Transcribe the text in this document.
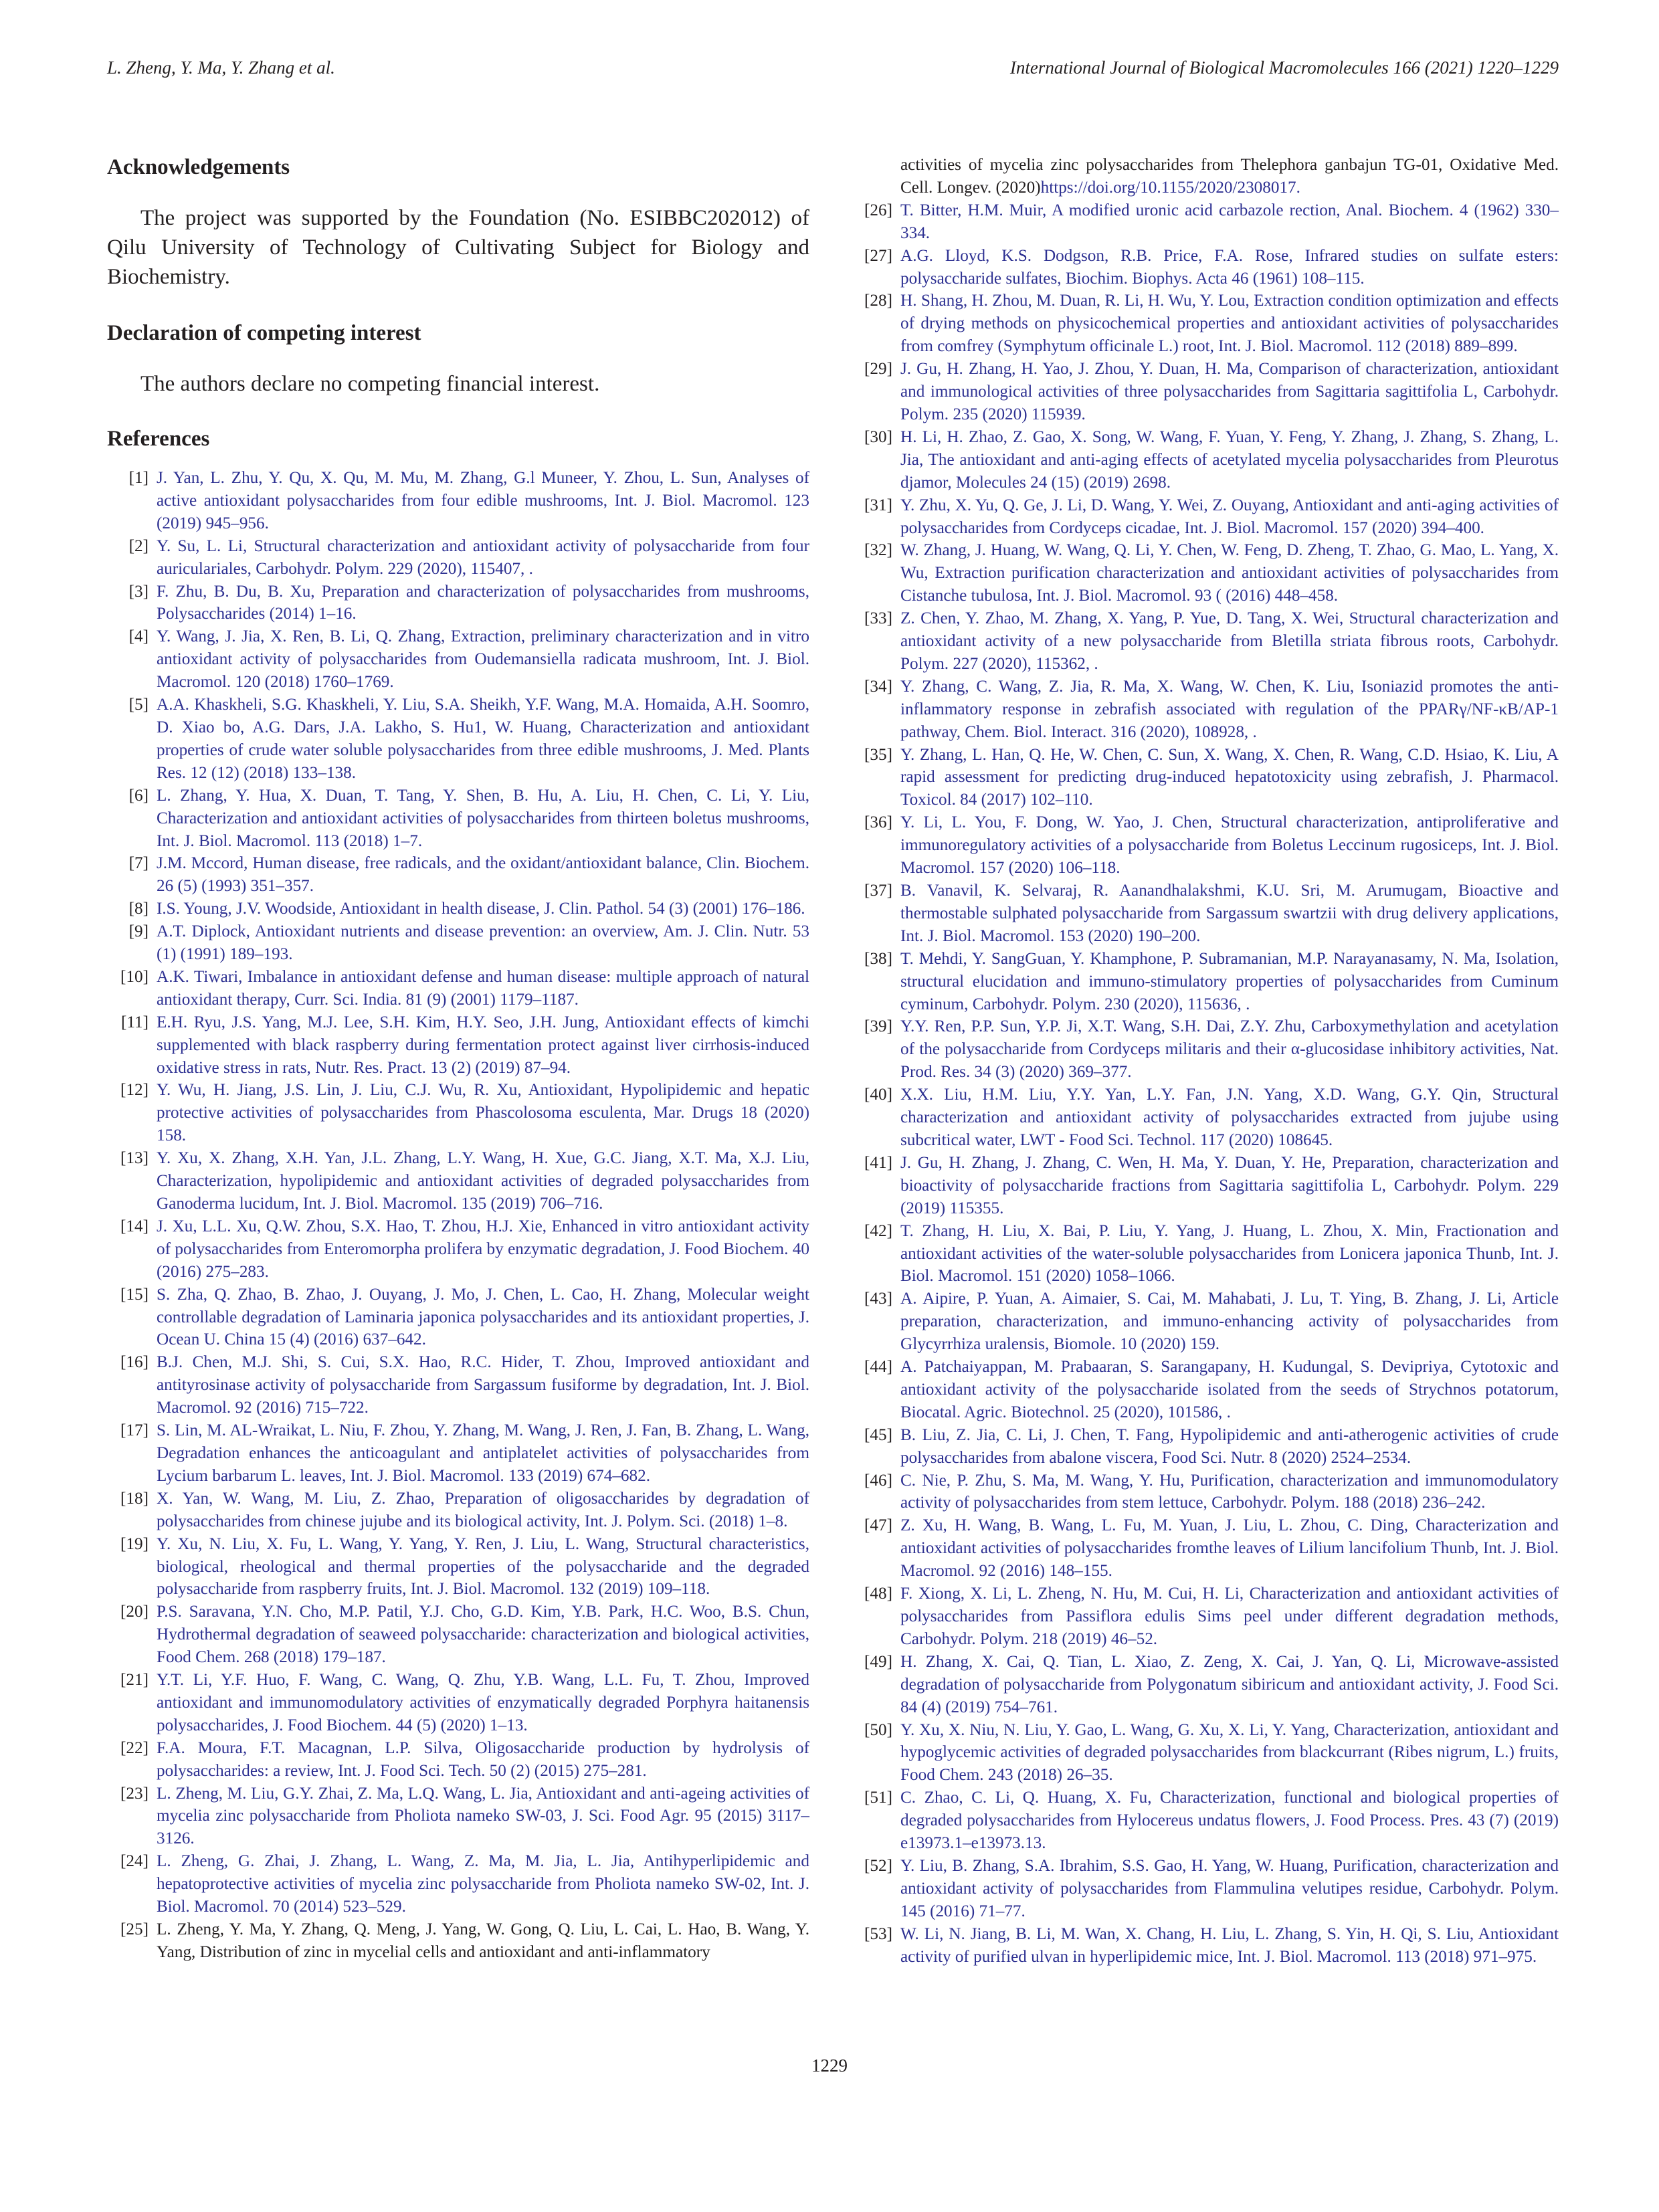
L. Zheng, Y. Ma, Y. Zhang et al.	International Journal of Biological Macromolecules 166 (2021) 1220–1229
Acknowledgements

The project was supported by the Foundation (No. ESIBBC202012) of Qilu University of Technology of Cultivating Subject for Biology and Biochemistry.

Declaration of competing interest

The authors declare no competing financial interest.

References
[1] J. Yan, L. Zhu, Y. Qu, X. Qu, M. Mu, M. Zhang, G.l Muneer, Y. Zhou, L. Sun, Analyses of active antioxidant polysaccharides from four edible mushrooms, Int. J. Biol. Macromol. 123 (2019) 945–956.
[2] Y. Su, L. Li, Structural characterization and antioxidant activity of polysaccharide from four auriculariales, Carbohydr. Polym. 229 (2020), 115407, .
[3] F. Zhu, B. Du, B. Xu, Preparation and characterization of polysaccharides from mushrooms, Polysaccharides (2014) 1–16.
[4] Y. Wang, J. Jia, X. Ren, B. Li, Q. Zhang, Extraction, preliminary characterization and in vitro antioxidant activity of polysaccharides from Oudemansiella radicata mushroom, Int. J. Biol. Macromol. 120 (2018) 1760–1769.
[5] A.A. Khaskheli, S.G. Khaskheli, Y. Liu, S.A. Sheikh, Y.F. Wang, M.A. Homaida, A.H. Soomro, D. Xiao bo, A.G. Dars, J.A. Lakho, S. Hu1, W. Huang, Characterization and antioxidant properties of crude water soluble polysaccharides from three edible mushrooms, J. Med. Plants Res. 12 (12) (2018) 133–138.
[6] L. Zhang, Y. Hua, X. Duan, T. Tang, Y. Shen, B. Hu, A. Liu, H. Chen, C. Li, Y. Liu, Characterization and antioxidant activities of polysaccharides from thirteen boletus mushrooms, Int. J. Biol. Macromol. 113 (2018) 1–7.
[7] J.M. Mccord, Human disease, free radicals, and the oxidant/antioxidant balance, Clin. Biochem. 26 (5) (1993) 351–357.
[8] I.S. Young, J.V. Woodside, Antioxidant in health disease, J. Clin. Pathol. 54 (3) (2001) 176–186.
[9] A.T. Diplock, Antioxidant nutrients and disease prevention: an overview, Am. J. Clin. Nutr. 53 (1) (1991) 189–193.
[10] A.K. Tiwari, Imbalance in antioxidant defense and human disease: multiple approach of natural antioxidant therapy, Curr. Sci. India. 81 (9) (2001) 1179–1187.
[11] E.H. Ryu, J.S. Yang, M.J. Lee, S.H. Kim, H.Y. Seo, J.H. Jung, Antioxidant effects of kimchi supplemented with black raspberry during fermentation protect against liver cirrhosis-induced oxidative stress in rats, Nutr. Res. Pract. 13 (2) (2019) 87–94.
[12] Y. Wu, H. Jiang, J.S. Lin, J. Liu, C.J. Wu, R. Xu, Antioxidant, Hypolipidemic and hepatic protective activities of polysaccharides from Phascolosoma esculenta, Mar. Drugs 18 (2020) 158.
[13] Y. Xu, X. Zhang, X.H. Yan, J.L. Zhang, L.Y. Wang, H. Xue, G.C. Jiang, X.T. Ma, X.J. Liu, Characterization, hypolipidemic and antioxidant activities of degraded polysaccharides from Ganoderma lucidum, Int. J. Biol. Macromol. 135 (2019) 706–716.
[14] J. Xu, L.L. Xu, Q.W. Zhou, S.X. Hao, T. Zhou, H.J. Xie, Enhanced in vitro antioxidant activity of polysaccharides from Enteromorpha prolifera by enzymatic degradation, J. Food Biochem. 40 (2016) 275–283.
[15] S. Zha, Q. Zhao, B. Zhao, J. Ouyang, J. Mo, J. Chen, L. Cao, H. Zhang, Molecular weight controllable degradation of Laminaria japonica polysaccharides and its antioxidant properties, J. Ocean U. China 15 (4) (2016) 637–642.
[16] B.J. Chen, M.J. Shi, S. Cui, S.X. Hao, R.C. Hider, T. Zhou, Improved antioxidant and antityrosinase activity of polysaccharide from Sargassum fusiforme by degradation, Int. J. Biol. Macromol. 92 (2016) 715–722.
[17] S. Lin, M. AL-Wraikat, L. Niu, F. Zhou, Y. Zhang, M. Wang, J. Ren, J. Fan, B. Zhang, L. Wang, Degradation enhances the anticoagulant and antiplatelet activities of polysaccharides from Lycium barbarum L. leaves, Int. J. Biol. Macromol. 133 (2019) 674–682.
[18] X. Yan, W. Wang, M. Liu, Z. Zhao, Preparation of oligosaccharides by degradation of polysaccharides from chinese jujube and its biological activity, Int. J. Polym. Sci. (2018) 1–8.
[19] Y. Xu, N. Liu, X. Fu, L. Wang, Y. Yang, Y. Ren, J. Liu, L. Wang, Structural characteristics, biological, rheological and thermal properties of the polysaccharide and the degraded polysaccharide from raspberry fruits, Int. J. Biol. Macromol. 132 (2019) 109–118.
[20] P.S. Saravana, Y.N. Cho, M.P. Patil, Y.J. Cho, G.D. Kim, Y.B. Park, H.C. Woo, B.S. Chun, Hydrothermal degradation of seaweed polysaccharide: characterization and biological activities, Food Chem. 268 (2018) 179–187.
[21] Y.T. Li, Y.F. Huo, F. Wang, C. Wang, Q. Zhu, Y.B. Wang, L.L. Fu, T. Zhou, Improved antioxidant and immunomodulatory activities of enzymatically degraded Porphyra haitanensis polysaccharides, J. Food Biochem. 44 (5) (2020) 1–13.
[22] F.A. Moura, F.T. Macagnan, L.P. Silva, Oligosaccharide production by hydrolysis of polysaccharides: a review, Int. J. Food Sci. Tech. 50 (2) (2015) 275–281.
[23] L. Zheng, M. Liu, G.Y. Zhai, Z. Ma, L.Q. Wang, L. Jia, Antioxidant and anti-ageing activities of mycelia zinc polysaccharide from Pholiota nameko SW-03, J. Sci. Food Agr. 95 (2015) 3117–3126.
[24] L. Zheng, G. Zhai, J. Zhang, L. Wang, Z. Ma, M. Jia, L. Jia, Antihyperlipidemic and hepatoprotective activities of mycelia zinc polysaccharide from Pholiota nameko SW-02, Int. J. Biol. Macromol. 70 (2014) 523–529.
[25] L. Zheng, Y. Ma, Y. Zhang, Q. Meng, J. Yang, W. Gong, Q. Liu, L. Cai, L. Hao, B. Wang, Y. Yang, Distribution of zinc in mycelial cells and antioxidant and anti-inflammatory
activities of mycelia zinc polysaccharides from Thelephora ganbajun TG-01, Oxidative Med. Cell. Longev. (2020)https://doi.org/10.1155/2020/2308017.
[26] T. Bitter, H.M. Muir, A modified uronic acid carbazole rection, Anal. Biochem. 4 (1962) 330–334.
[27] A.G. Lloyd, K.S. Dodgson, R.B. Price, F.A. Rose, Infrared studies on sulfate esters: polysaccharide sulfates, Biochim. Biophys. Acta 46 (1961) 108–115.
[28] H. Shang, H. Zhou, M. Duan, R. Li, H. Wu, Y. Lou, Extraction condition optimization and effects of drying methods on physicochemical properties and antioxidant activities of polysaccharides from comfrey (Symphytum officinale L.) root, Int. J. Biol. Macromol. 112 (2018) 889–899.
[29] J. Gu, H. Zhang, H. Yao, J. Zhou, Y. Duan, H. Ma, Comparison of characterization, antioxidant and immunological activities of three polysaccharides from Sagittaria sagittifolia L, Carbohydr. Polym. 235 (2020) 115939.
[30] H. Li, H. Zhao, Z. Gao, X. Song, W. Wang, F. Yuan, Y. Feng, Y. Zhang, J. Zhang, S. Zhang, L. Jia, The antioxidant and anti-aging effects of acetylated mycelia polysaccharides from Pleurotus djamor, Molecules 24 (15) (2019) 2698.
[31] Y. Zhu, X. Yu, Q. Ge, J. Li, D. Wang, Y. Wei, Z. Ouyang, Antioxidant and anti-aging activities of polysaccharides from Cordyceps cicadae, Int. J. Biol. Macromol. 157 (2020) 394–400.
[32] W. Zhang, J. Huang, W. Wang, Q. Li, Y. Chen, W. Feng, D. Zheng, T. Zhao, G. Mao, L. Yang, X. Wu, Extraction purification characterization and antioxidant activities of polysaccharides from Cistanche tubulosa, Int. J. Biol. Macromol. 93 ( (2016) 448–458.
[33] Z. Chen, Y. Zhao, M. Zhang, X. Yang, P. Yue, D. Tang, X. Wei, Structural characterization and antioxidant activity of a new polysaccharide from Bletilla striata fibrous roots, Carbohydr. Polym. 227 (2020), 115362, .
[34] Y. Zhang, C. Wang, Z. Jia, R. Ma, X. Wang, W. Chen, K. Liu, Isoniazid promotes the anti-inflammatory response in zebrafish associated with regulation of the PPARγ/NF-κB/AP-1 pathway, Chem. Biol. Interact. 316 (2020), 108928, .
[35] Y. Zhang, L. Han, Q. He, W. Chen, C. Sun, X. Wang, X. Chen, R. Wang, C.D. Hsiao, K. Liu, A rapid assessment for predicting drug-induced hepatotoxicity using zebrafish, J. Pharmacol. Toxicol. 84 (2017) 102–110.
[36] Y. Li, L. You, F. Dong, W. Yao, J. Chen, Structural characterization, antiproliferative and immunoregulatory activities of a polysaccharide from Boletus Leccinum rugosiceps, Int. J. Biol. Macromol. 157 (2020) 106–118.
[37] B. Vanavil, K. Selvaraj, R. Aanandhalakshmi, K.U. Sri, M. Arumugam, Bioactive and thermostable sulphated polysaccharide from Sargassum swartzii with drug delivery applications, Int. J. Biol. Macromol. 153 (2020) 190–200.
[38] T. Mehdi, Y. SangGuan, Y. Khamphone, P. Subramanian, M.P. Narayanasamy, N. Ma, Isolation, structural elucidation and immuno-stimulatory properties of polysaccharides from Cuminum cyminum, Carbohydr. Polym. 230 (2020), 115636, .
[39] Y.Y. Ren, P.P. Sun, Y.P. Ji, X.T. Wang, S.H. Dai, Z.Y. Zhu, Carboxymethylation and acetylation of the polysaccharide from Cordyceps militaris and their α-glucosidase inhibitory activities, Nat. Prod. Res. 34 (3) (2020) 369–377.
[40] X.X. Liu, H.M. Liu, Y.Y. Yan, L.Y. Fan, J.N. Yang, X.D. Wang, G.Y. Qin, Structural characterization and antioxidant activity of polysaccharides extracted from jujube using subcritical water, LWT - Food Sci. Technol. 117 (2020) 108645.
[41] J. Gu, H. Zhang, J. Zhang, C. Wen, H. Ma, Y. Duan, Y. He, Preparation, characterization and bioactivity of polysaccharide fractions from Sagittaria sagittifolia L, Carbohydr. Polym. 229 (2019) 115355.
[42] T. Zhang, H. Liu, X. Bai, P. Liu, Y. Yang, J. Huang, L. Zhou, X. Min, Fractionation and antioxidant activities of the water-soluble polysaccharides from Lonicera japonica Thunb, Int. J. Biol. Macromol. 151 (2020) 1058–1066.
[43] A. Aipire, P. Yuan, A. Aimaier, S. Cai, M. Mahabati, J. Lu, T. Ying, B. Zhang, J. Li, Article preparation, characterization, and immuno-enhancing activity of polysaccharides from Glycyrrhiza uralensis, Biomole. 10 (2020) 159.
[44] A. Patchaiyappan, M. Prabaaran, S. Sarangapany, H. Kudungal, S. Devipriya, Cytotoxic and antioxidant activity of the polysaccharide isolated from the seeds of Strychnos potatorum, Biocatal. Agric. Biotechnol. 25 (2020), 101586, .
[45] B. Liu, Z. Jia, C. Li, J. Chen, T. Fang, Hypolipidemic and anti-atherogenic activities of crude polysaccharides from abalone viscera, Food Sci. Nutr. 8 (2020) 2524–2534.
[46] C. Nie, P. Zhu, S. Ma, M. Wang, Y. Hu, Purification, characterization and immunomodulatory activity of polysaccharides from stem lettuce, Carbohydr. Polym. 188 (2018) 236–242.
[47] Z. Xu, H. Wang, B. Wang, L. Fu, M. Yuan, J. Liu, L. Zhou, C. Ding, Characterization and antioxidant activities of polysaccharides fromthe leaves of Lilium lancifolium Thunb, Int. J. Biol. Macromol. 92 (2016) 148–155.
[48] F. Xiong, X. Li, L. Zheng, N. Hu, M. Cui, H. Li, Characterization and antioxidant activities of polysaccharides from Passiflora edulis Sims peel under different degradation methods, Carbohydr. Polym. 218 (2019) 46–52.
[49] H. Zhang, X. Cai, Q. Tian, L. Xiao, Z. Zeng, X. Cai, J. Yan, Q. Li, Microwave-assisted degradation of polysaccharide from Polygonatum sibiricum and antioxidant activity, J. Food Sci. 84 (4) (2019) 754–761.
[50] Y. Xu, X. Niu, N. Liu, Y. Gao, L. Wang, G. Xu, X. Li, Y. Yang, Characterization, antioxidant and hypoglycemic activities of degraded polysaccharides from blackcurrant (Ribes nigrum, L.) fruits, Food Chem. 243 (2018) 26–35.
[51] C. Zhao, C. Li, Q. Huang, X. Fu, Characterization, functional and biological properties of degraded polysaccharides from Hylocereus undatus flowers, J. Food Process. Pres. 43 (7) (2019) e13973.1–e13973.13.
[52] Y. Liu, B. Zhang, S.A. Ibrahim, S.S. Gao, H. Yang, W. Huang, Purification, characterization and antioxidant activity of polysaccharides from Flammulina velutipes residue, Carbohydr. Polym. 145 (2016) 71–77.
[53] W. Li, N. Jiang, B. Li, M. Wan, X. Chang, H. Liu, L. Zhang, S. Yin, H. Qi, S. Liu, Antioxidant activity of purified ulvan in hyperlipidemic mice, Int. J. Biol. Macromol. 113 (2018) 971–975.
1229
